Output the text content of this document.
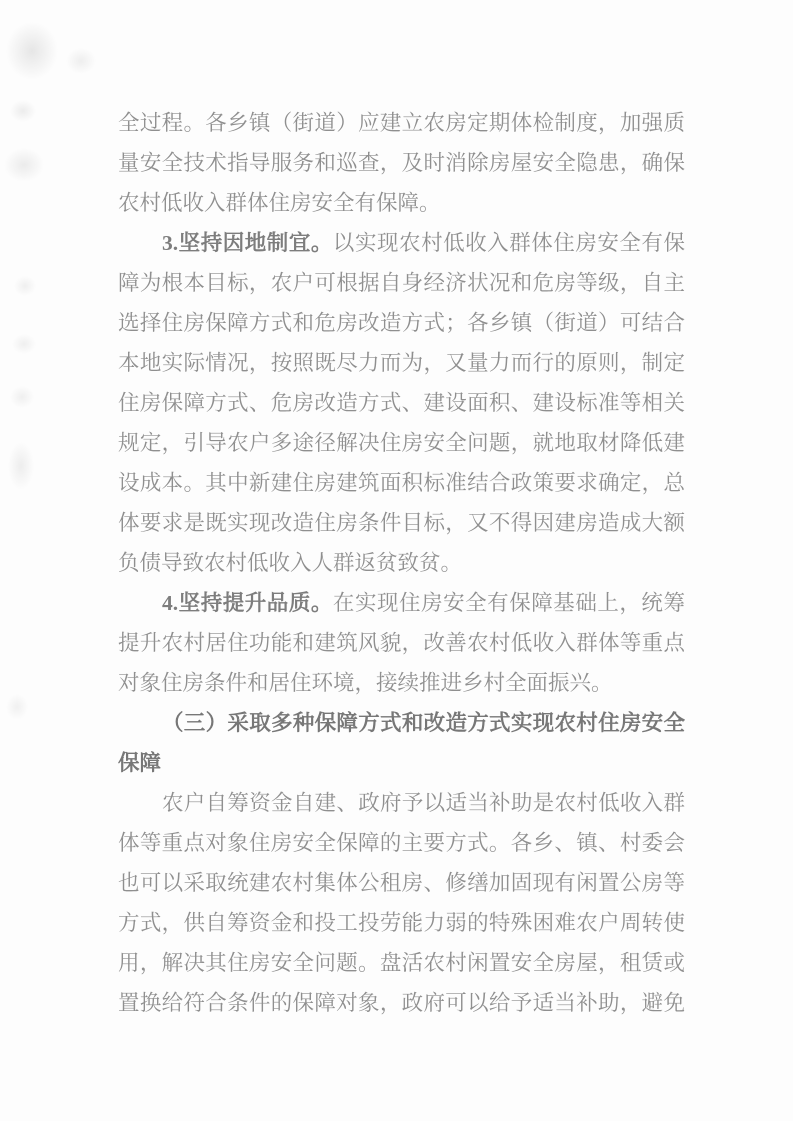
全过程。各乡镇（街道）应建立农房定期体检制度，加强质
量安全技术指导服务和巡查，及时消除房屋安全隐患，确保
农村低收入群体住房安全有保障。
3.坚持因地制宜。以实现农村低收入群体住房安全有保
障为根本目标，农户可根据自身经济状况和危房等级，自主
选择住房保障方式和危房改造方式；各乡镇（街道）可结合
本地实际情况，按照既尽力而为，又量力而行的原则，制定
住房保障方式、危房改造方式、建设面积、建设标准等相关
规定，引导农户多途径解决住房安全问题，就地取材降低建
设成本。其中新建住房建筑面积标准结合政策要求确定，总
体要求是既实现改造住房条件目标，又不得因建房造成大额
负债导致农村低收入人群返贫致贫。
4.坚持提升品质。在实现住房安全有保障基础上，统筹
提升农村居住功能和建筑风貌，改善农村低收入群体等重点
对象住房条件和居住环境，接续推进乡村全面振兴。
（三）采取多种保障方式和改造方式实现农村住房安全
保障
农户自筹资金自建、政府予以适当补助是农村低收入群
体等重点对象住房安全保障的主要方式。各乡、镇、村委会
也可以采取统建农村集体公租房、修缮加固现有闲置公房等
方式，供自筹资金和投工投劳能力弱的特殊困难农户周转使
用，解决其住房安全问题。盘活农村闲置安全房屋，租赁或
置换给符合条件的保障对象，政府可以给予适当补助，避免
